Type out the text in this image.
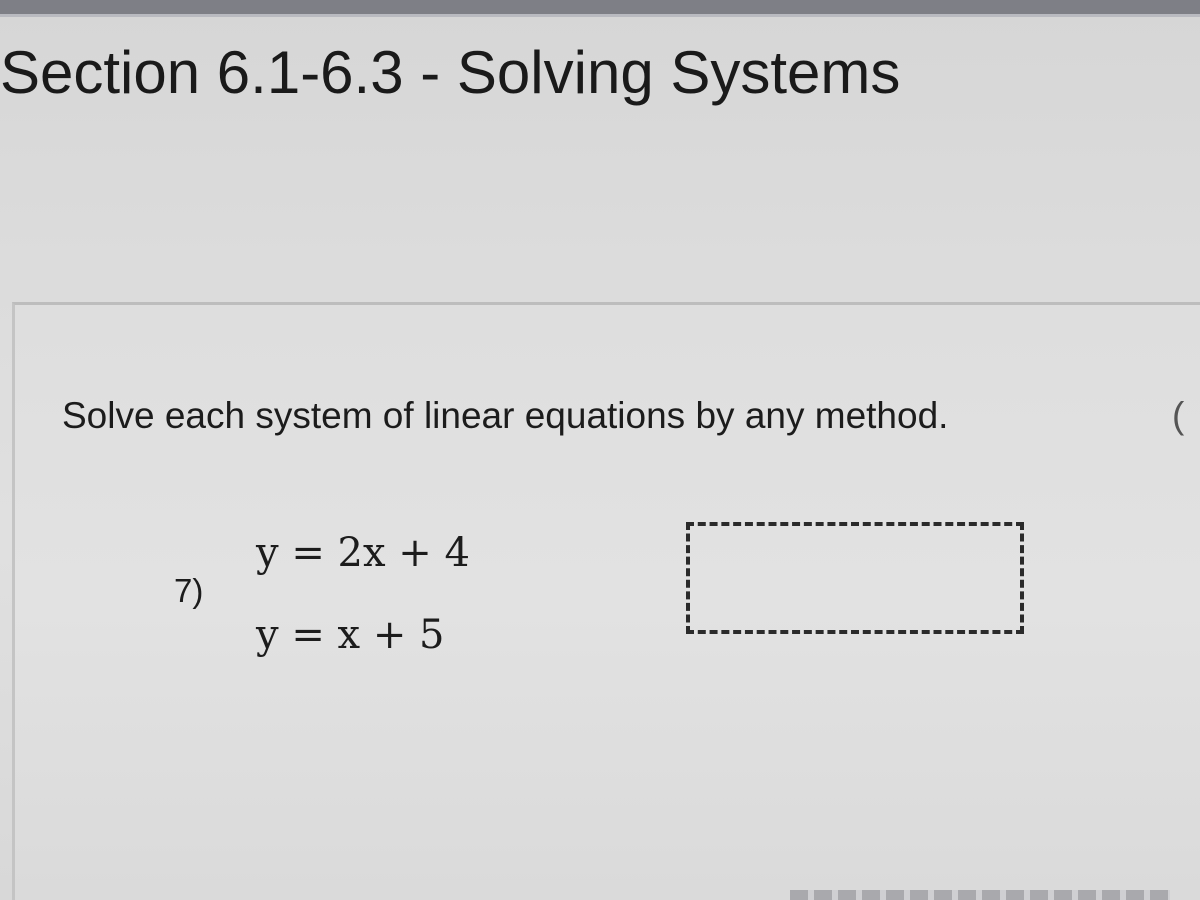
Section 6.1-6.3 - Solving Systems
Solve each system of linear equations by any method.	(
7)
y = 2x + 4
y = x + 5
